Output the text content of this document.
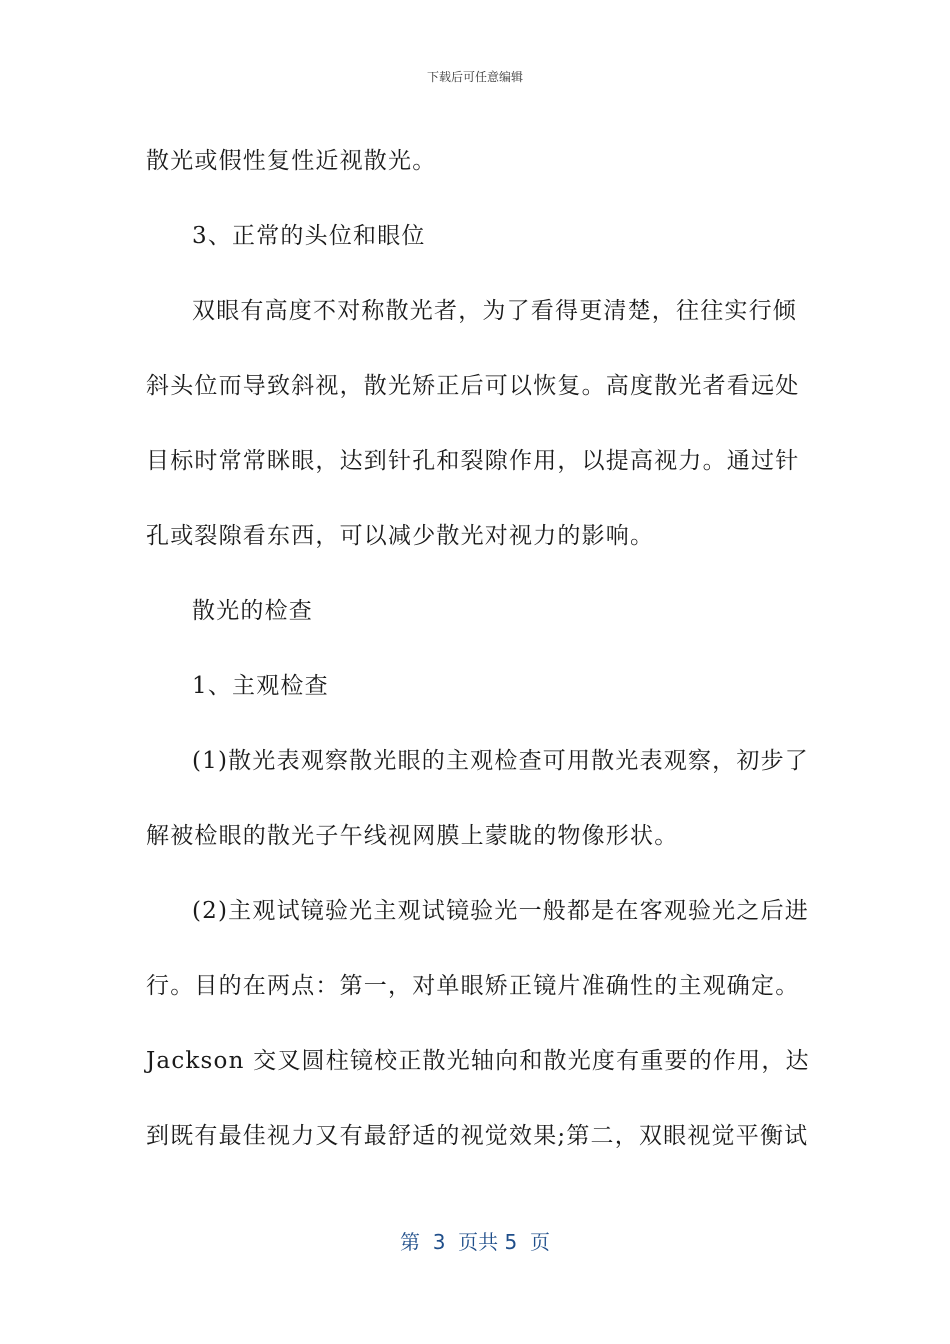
下载后可任意编辑
散光或假性复性近视散光。
3、正常的头位和眼位
双眼有高度不对称散光者，为了看得更清楚，往往实行倾
斜头位而导致斜视，散光矫正后可以恢复。高度散光者看远处
目标时常常眯眼，达到针孔和裂隙作用，以提高视力。通过针
孔或裂隙看东西，可以减少散光对视力的影响。
散光的检查
1、主观检查
(1)散光表观察散光眼的主观检查可用散光表观察，初步了
解被检眼的散光子午线视网膜上蒙眬的物像形状。
(2)主观试镜验光主观试镜验光一般都是在客观验光之后进
行。目的在两点：第一，对单眼矫正镜片准确性的主观确定。
Jackson 交叉圆柱镜校正散光轴向和散光度有重要的作用，达
到既有最佳视力又有最舒适的视觉效果;第二，双眼视觉平衡试
第  3  页共 5  页
